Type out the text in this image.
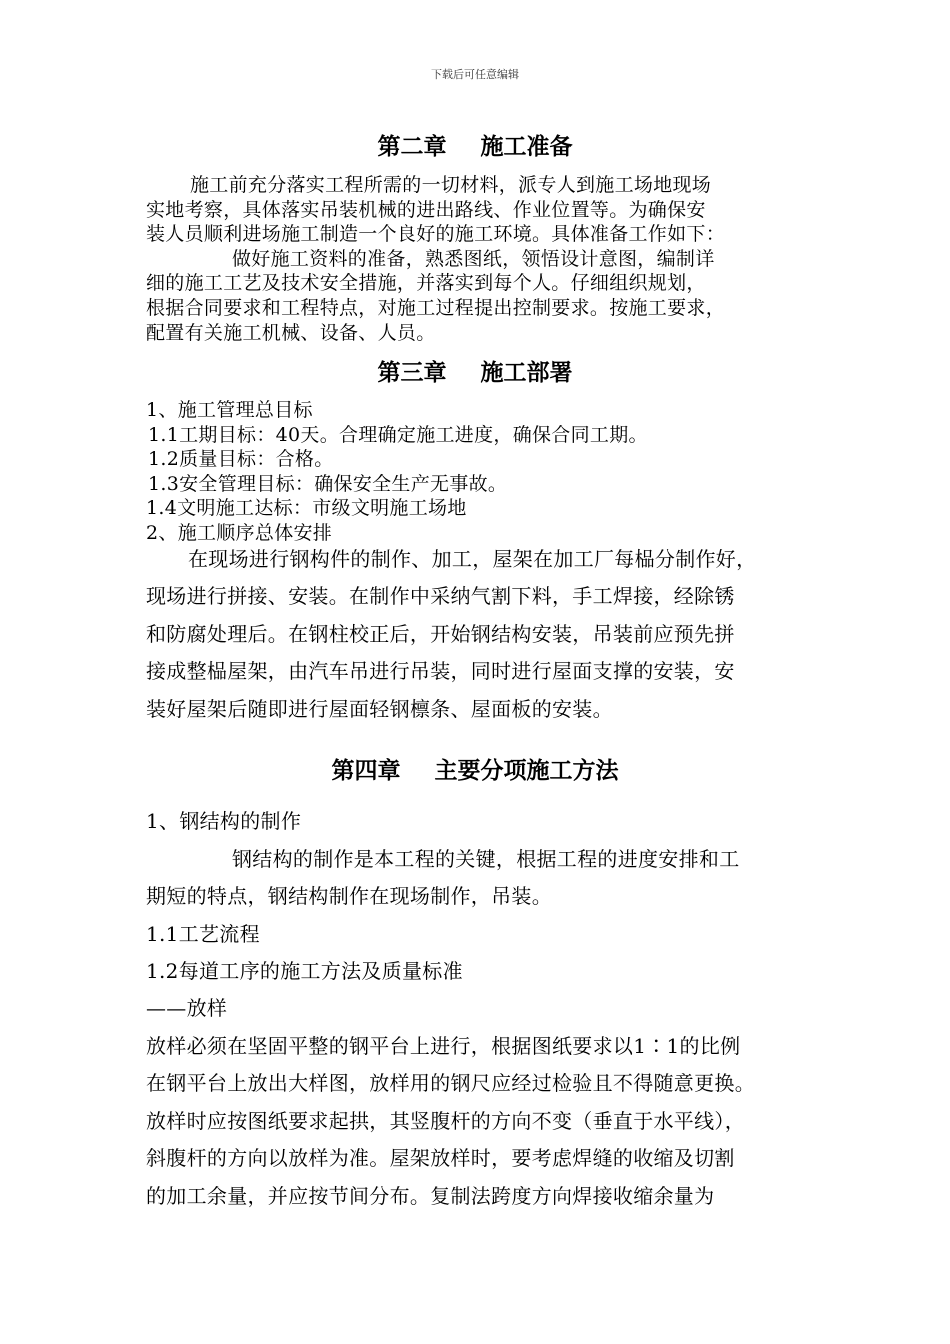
下载后可任意编辑
第二章 施工准备
施工前充分落实工程所需的一切材料，派专人到施工场地现场
实地考察，具体落实吊装机械的进出路线、作业位置等。为确保安
装人员顺利进场施工制造一个良好的施工环境。具体准备工作如下：
做好施工资料的准备，熟悉图纸，领悟设计意图，编制详
细的施工工艺及技术安全措施，并落实到每个人。仔细组织规划，
根据合同要求和工程特点，对施工过程提出控制要求。按施工要求，
配置有关施工机械、设备、人员。
第三章 施工部署
1、施工管理总目标
1.1工期目标：40天。合理确定施工进度，确保合同工期。
1.2质量目标：合格。
1.3安全管理目标：确保安全生产无事故。
1.4文明施工达标：市级文明施工场地
2、施工顺序总体安排
在现场进行钢构件的制作、加工，屋架在加工厂每榀分制作好，
现场进行拼接、安装。在制作中采纳气割下料，手工焊接，经除锈
和防腐处理后。在钢柱校正后，开始钢结构安装，吊装前应预先拼
接成整榀屋架，由汽车吊进行吊装，同时进行屋面支撑的安装，安
装好屋架后随即进行屋面轻钢檩条、屋面板的安装。
第四章 主要分项施工方法
1、钢结构的制作
钢结构的制作是本工程的关键，根据工程的进度安排和工
期短的特点，钢结构制作在现场制作，吊装。
1.1工艺流程
1.2每道工序的施工方法及质量标准
——放样
放样必须在坚固平整的钢平台上进行，根据图纸要求以1∶1的比例
在钢平台上放出大样图，放样用的钢尺应经过检验且不得随意更换。
放样时应按图纸要求起拱，其竖腹杆的方向不变（垂直于水平线），
斜腹杆的方向以放样为准。屋架放样时，要考虑焊缝的收缩及切割
的加工余量，并应按节间分布。复制法跨度方向焊接收缩余量为
